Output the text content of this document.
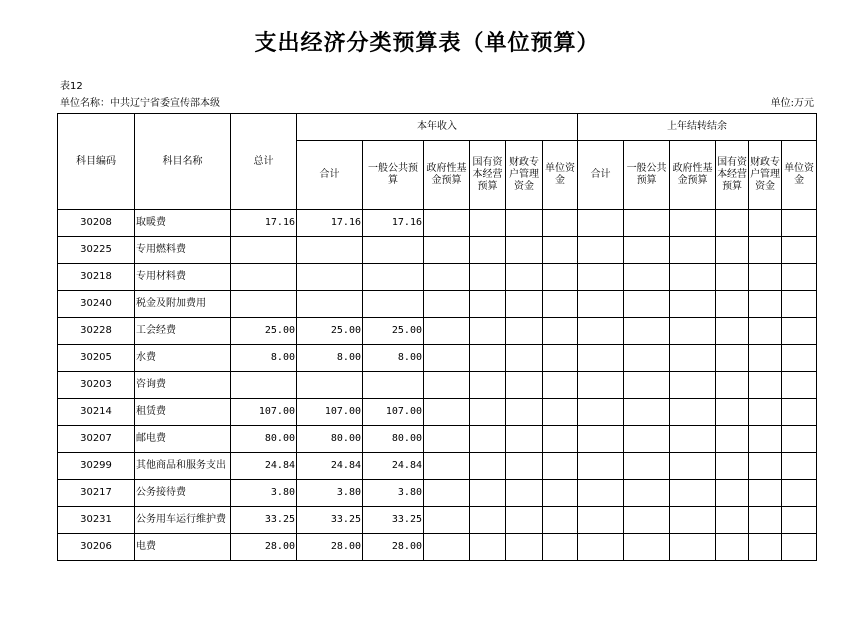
支出经济分类预算表（单位预算）
表12
单位名称：中共辽宁省委宣传部本级	单位:万元
科目编码	科目名称	总计	本年收入						上年结转结余					
			合计	一般公共预算	政府性基金预算	国有资本经营预算	财政专户管理资金	单位资金	合计	一般公共预算	政府性基金预算	国有资本经营预算	财政专户管理资金	单位资金
30208	取暖费	17.16	17.16	17.16										
30225	专用燃料费													
30218	专用材料费													
30240	税金及附加费用													
30228	工会经费	25.00	25.00	25.00										
30205	水费	8.00	8.00	8.00										
30203	咨询费													
30214	租赁费	107.00	107.00	107.00										
30207	邮电费	80.00	80.00	80.00										
30299	其他商品和服务支出	24.84	24.84	24.84										
30217	公务接待费	3.80	3.80	3.80										
30231	公务用车运行维护费	33.25	33.25	33.25										
30206	电费	28.00	28.00	28.00										
